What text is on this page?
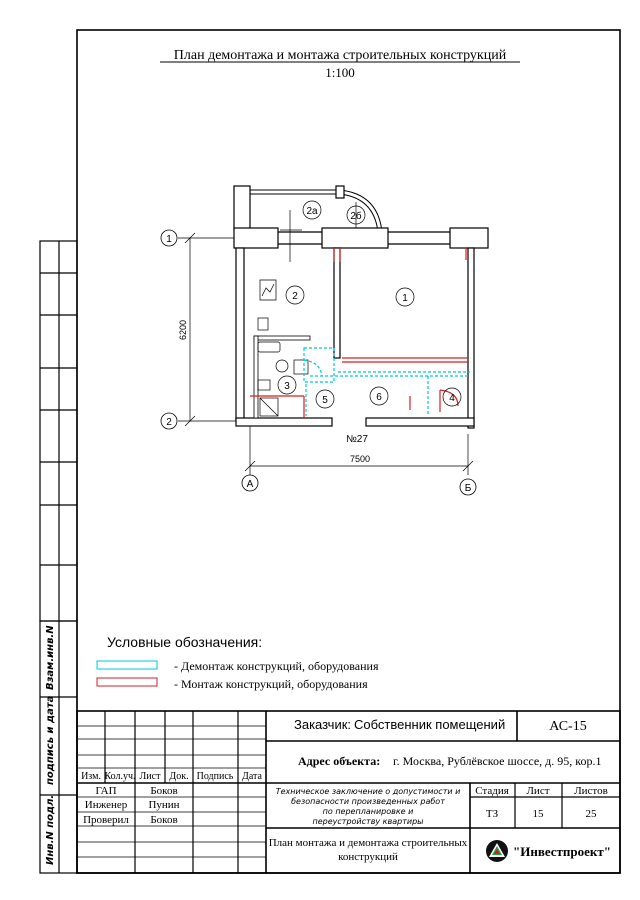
Взам.инв.N
подпись и дата
Инв.N подл.
План демонтажа и монтажа строительных конструкций
1:100
1
2
А	Б
6200
7500
2а	2б
2	1
3
5	6	4
№27
Условные обозначения:
- Демонтаж конструкций, оборудования
- Монтаж конструкций, оборудования
Заказчик: Собственник помещений	АС-15
Адрес объекта: г. Москва, Рублёвское шоссе, д. 95, кор.1
Изм. Кол.уч. Лист Док. Подпись Дата
ГАП	Боков
Инженер Пунин
Проверил Боков
Техническое заключение о допустимости и
безопасности произведенных работ
по перепланировке и
переустройству квартиры
Стадия Лист Листов
ТЗ	15	25
План монтажа и демонтажа строительных
конструкций	"Инвестпроект"
